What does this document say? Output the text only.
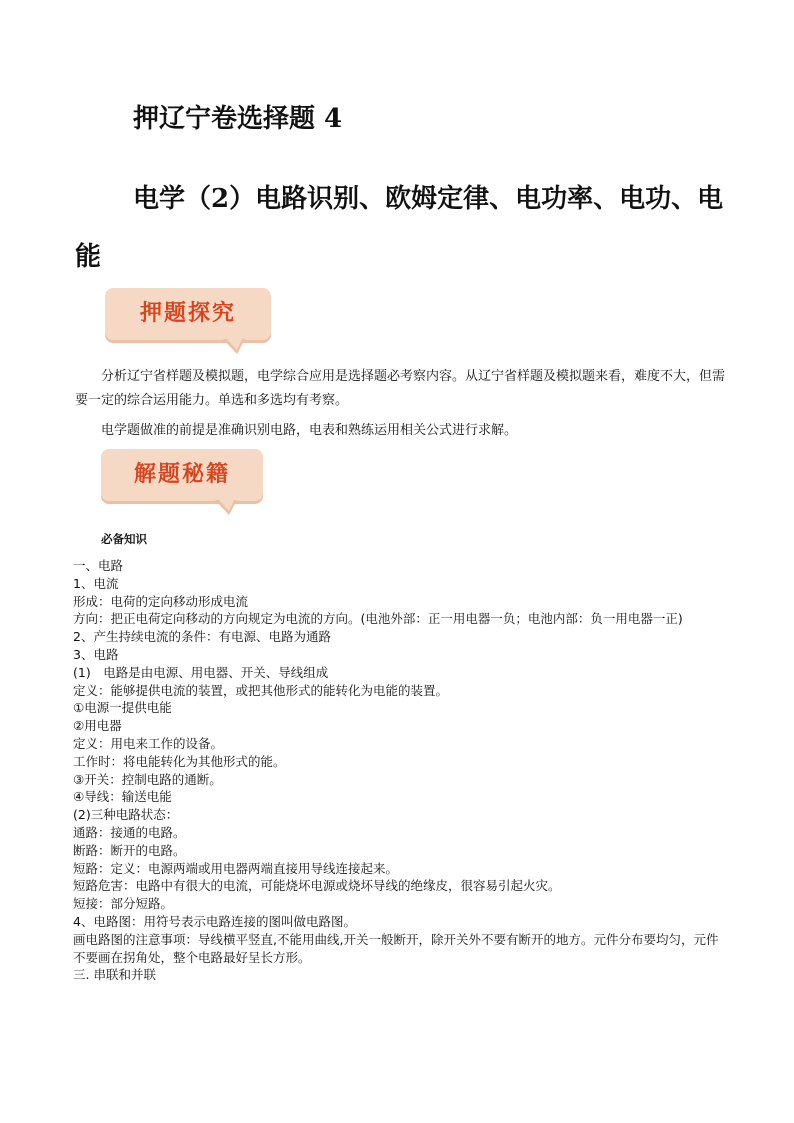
押辽宁卷选择题 4
电学（2）电路识别、欧姆定律、电功率、电功、电能
押题探究

分析辽宁省样题及模拟题，电学综合应用是选择题必考察内容。从辽宁省样题及模拟题来看，难度不大，但需要一定的综合运用能力。单选和多选均有考察。

电学题做准的前提是准确识别电路，电表和熟练运用相关公式进行求解。

解题秘籍
必备知识
一、电路
1、电流
形成：电荷的定向移动形成电流
方向：把正电荷定向移动的方向规定为电流的方向。(电池外部：正一用电器一负；电池内部：负一用电器一正)
2、产生持续电流的条件：有电源、电路为通路
3、电路
(1)　电路是由电源、用电器、开关、导线组成
定义：能够提供电流的装置，或把其他形式的能转化为电能的装置。
①电源一提供电能
②用电器
定义：用电来工作的设备。
工作时：将电能转化为其他形式的能。
③开关：控制电路的通断。
④导线：输送电能
(2)三种电路状态：
通路：接通的电路。
断路：断开的电路。
短路：定义：电源两端或用电器两端直接用导线连接起来。
短路危害：电路中有很大的电流，可能烧坏电源或烧坏导线的绝缘皮，很容易引起火灾。
短接：部分短路。
4、电路图：用符号表示电路连接的图叫做电路图。
画电路图的注意事项：导线横平竖直,不能用曲线,开关一般断开，除开关外不要有断开的地方。元件分布要均匀，元件不要画在拐角处，整个电路最好呈长方形。
三. 串联和并联
